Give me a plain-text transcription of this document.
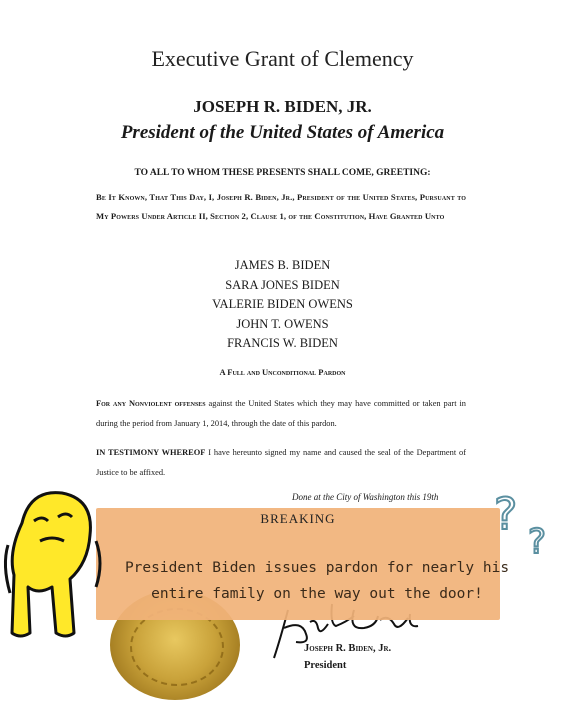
Executive Grant of Clemency
JOSEPH R. BIDEN, JR.
President of the United States of America
TO ALL TO WHOM THESE PRESENTS SHALL COME, GREETING:
Be It Known, That This Day, I, Joseph R. Biden, Jr., President of the United States, Pursuant to My Powers Under Article II, Section 2, Clause 1, of the Constitution, Have Granted Unto
JAMES B. BIDEN
SARA JONES BIDEN
VALERIE BIDEN OWENS
JOHN T. OWENS
FRANCIS W. BIDEN
A Full and Unconditional Pardon
For any Nonviolent offenses against the United States which they may have committed or taken part in during the period from January 1, 2014, through the date of this pardon.
IN TESTIMONY WHEREOF I have hereunto signed my name and caused the seal of the Department of Justice to be affixed.
Done at the City of Washington this 19th
Joseph R. Biden, Jr.
President
BREAKING
President Biden issues pardon for nearly his
entire family on the way out the door!
?
?
